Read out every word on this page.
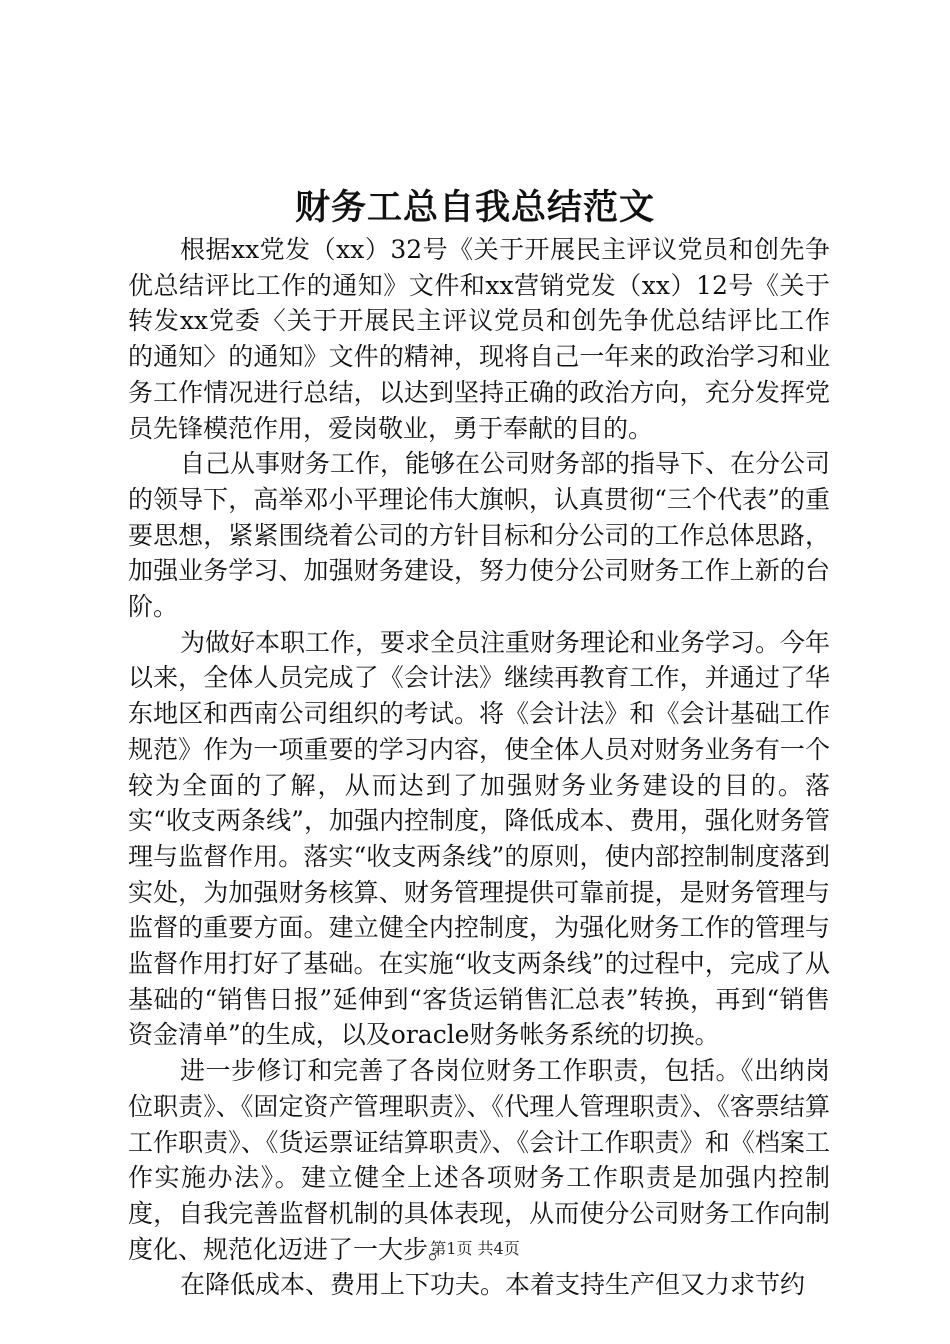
财务工总自我总结范文

根据xx党发（xx）32号《关于开展民主评议党员和创先争优总结评比工作的通知》文件和xx营销党发（xx）12号《关于转发xx党委〈关于开展民主评议党员和创先争优总结评比工作的通知〉的通知》文件的精神，现将自己一年来的政治学习和业务工作情况进行总结，以达到坚持正确的政治方向，充分发挥党员先锋模范作用，爱岗敬业，勇于奉献的目的。

自己从事财务工作，能够在公司财务部的指导下、在分公司的领导下，高举邓小平理论伟大旗帜，认真贯彻“三个代表”的重要思想，紧紧围绕着公司的方针目标和分公司的工作总体思路，加强业务学习、加强财务建设，努力使分公司财务工作上新的台阶。

为做好本职工作，要求全员注重财务理论和业务学习。今年以来，全体人员完成了《会计法》继续再教育工作，并通过了华东地区和西南公司组织的考试。将《会计法》和《会计基础工作规范》作为一项重要的学习内容，使全体人员对财务业务有一个较为全面的了解，从而达到了加强财务业务建设的目的。落实“收支两条线”，加强内控制度，降低成本、费用，强化财务管理与监督作用。落实“收支两条线”的原则，使内部控制制度落到实处，为加强财务核算、财务管理提供可靠前提，是财务管理与监督的重要方面。建立健全内控制度，为强化财务工作的管理与监督作用打好了基础。在实施“收支两条线”的过程中，完成了从基础的“销售日报”延伸到“客货运销售汇总表”转换，再到“销售资金清单”的生成，以及oracle财务帐务系统的切换。

进一步修订和完善了各岗位财务工作职责，包括。《出纳岗位职责》、《固定资产管理职责》、《代理人管理职责》、《客票结算工作职责》、《货运票证结算职责》、《会计工作职责》和《档案工作实施办法》。建立健全上述各项财务工作职责是加强内控制度，自我完善监督机制的具体表现，从而使分公司财务工作向制度化、规范化迈进了一大步。

在降低成本、费用上下功夫。本着支持生产但又力求节约

第1页 共4页
